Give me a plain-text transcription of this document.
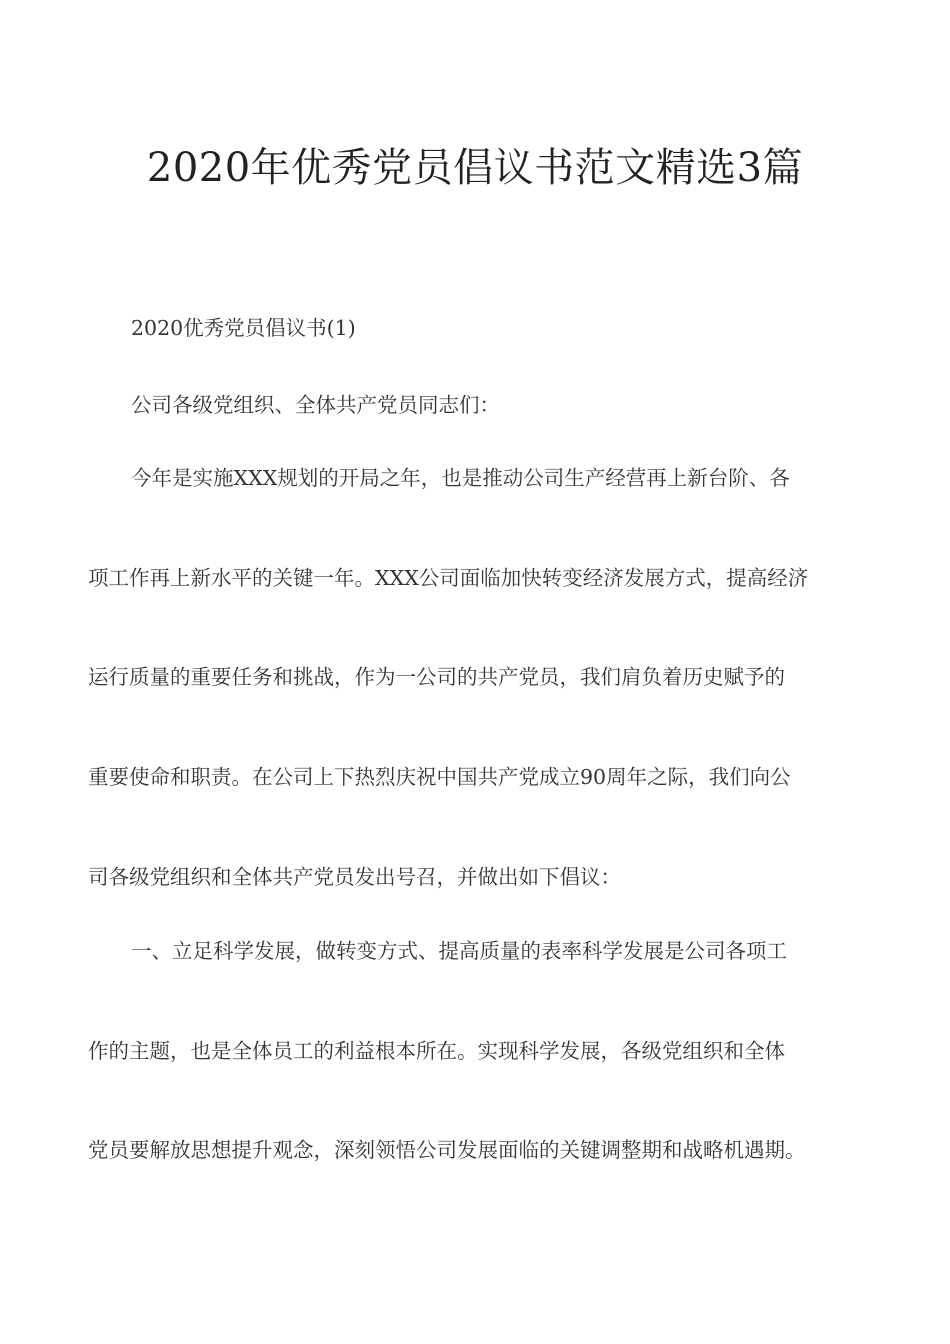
2020年优秀党员倡议书范文精选3篇
2020优秀党员倡议书(1)
公司各级党组织、全体共产党员同志们：
今年是实施XXX规划的开局之年，也是推动公司生产经营再上新台阶、各
项工作再上新水平的关键一年。XXX公司面临加快转变经济发展方式，提高经济
运行质量的重要任务和挑战，作为一公司的共产党员，我们肩负着历史赋予的
重要使命和职责。在公司上下热烈庆祝中国共产党成立90周年之际，我们向公
司各级党组织和全体共产党员发出号召，并做出如下倡议：
一、立足科学发展，做转变方式、提高质量的表率科学发展是公司各项工
作的主题，也是全体员工的利益根本所在。实现科学发展，各级党组织和全体
党员要解放思想提升观念，深刻领悟公司发展面临的关键调整期和战略机遇期。
